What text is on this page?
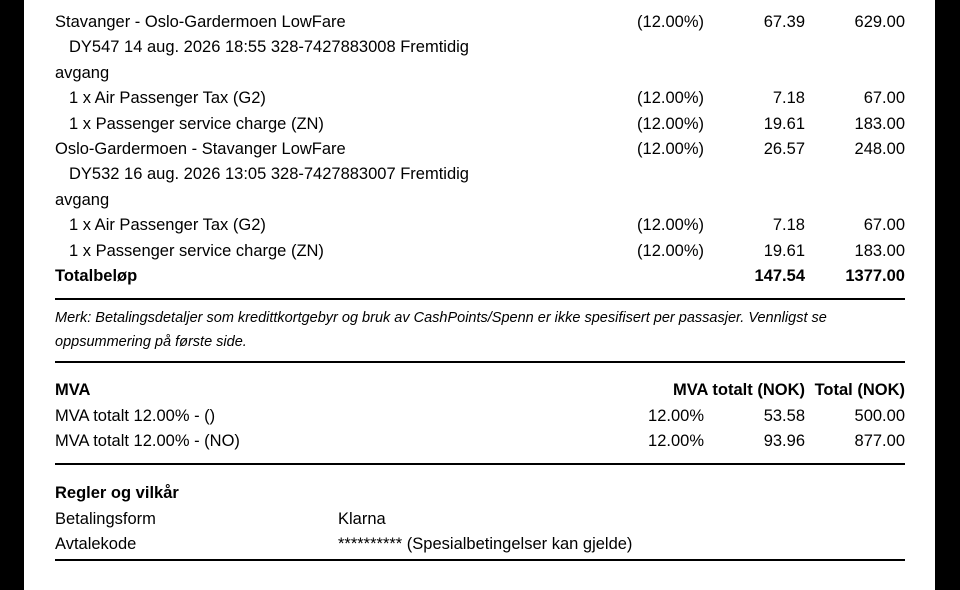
Stavanger - Oslo-Gardermoen LowFare	(12.00%)	67.39	629.00
DY547 14 aug. 2026 18:55 328-7427883008 Fremtidig
avgang
1 x Air Passenger Tax (G2)	(12.00%)	7.18	67.00
1 x Passenger service charge (ZN)	(12.00%)	19.61	183.00
Oslo-Gardermoen - Stavanger LowFare	(12.00%)	26.57	248.00
DY532 16 aug. 2026 13:05 328-7427883007 Fremtidig
avgang
1 x Air Passenger Tax (G2)	(12.00%)	7.18	67.00
1 x Passenger service charge (ZN)	(12.00%)	19.61	183.00
Totalbeløp	147.54 1377.00
Merk: Betalingsdetaljer som kredittkortgebyr og bruk av CashPoints/Spenn er ikke spesifisert per passasjer. Vennligst se oppsummering på første side.
MVA	MVA totalt (NOK) Total (NOK)
MVA totalt 12.00% - ()	12.00%	53.58	500.00
MVA totalt 12.00% - (NO)	12.00%	93.96	877.00
Regler og vilkår
Betalingsform	Klarna
Avtalekode	********** (Spesialbetingelser kan gjelde)
